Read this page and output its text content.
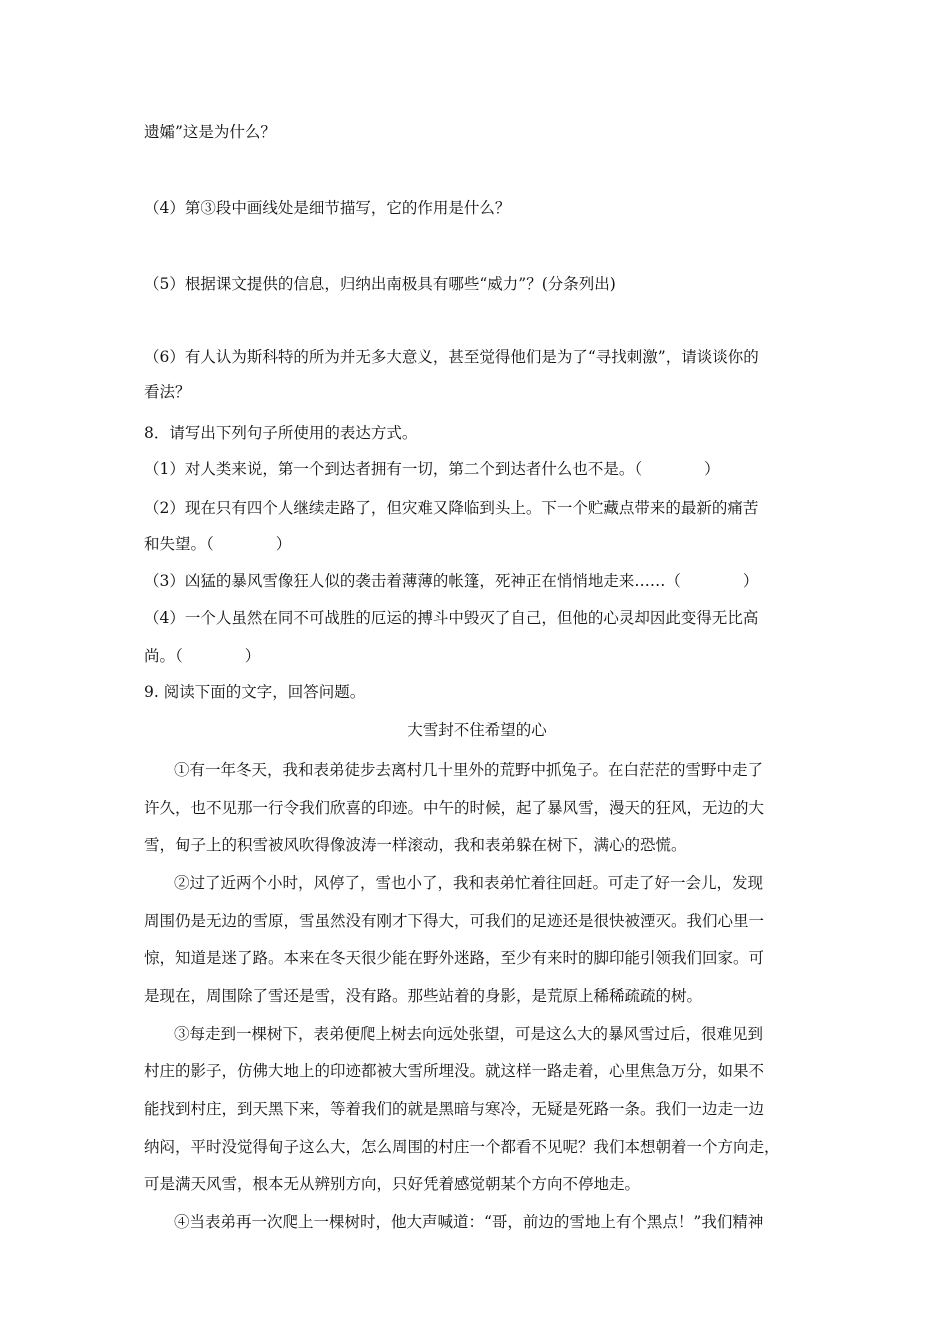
遗孀”这是为什么？
（4）第③段中画线处是细节描写，它的作用是什么？
（5）根据课文提供的信息，归纳出南极具有哪些“威力”？(分条列出)
（6）有人认为斯科特的所为并无多大意义，甚至觉得他们是为了“寻找刺激”，请谈谈你的
看法？
8．请写出下列句子所使用的表达方式。
（1）对人类来说，第一个到达者拥有一切，第二个到达者什么也不是。（　　　　）
（2）现在只有四个人继续走路了，但灾难又降临到头上。下一个贮藏点带来的最新的痛苦
和失望。（　　　　）
（3）凶猛的暴风雪像狂人似的袭击着薄薄的帐篷，死神正在悄悄地走来……（　　　　）
（4）一个人虽然在同不可战胜的厄运的搏斗中毁灭了自己，但他的心灵却因此变得无比高
尚。（　　　　）
9. 阅读下面的文字，回答问题。
大雪封不住希望的心
①有一年冬天，我和表弟徒步去离村几十里外的荒野中抓兔子。在白茫茫的雪野中走了
许久，也不见那一行令我们欣喜的印迹。中午的时候，起了暴风雪，漫天的狂风，无边的大
雪，甸子上的积雪被风吹得像波涛一样滚动，我和表弟躲在树下，满心的恐慌。
②过了近两个小时，风停了，雪也小了，我和表弟忙着往回赶。可走了好一会儿，发现
周围仍是无边的雪原，雪虽然没有刚才下得大，可我们的足迹还是很快被湮灭。我们心里一
惊，知道是迷了路。本来在冬天很少能在野外迷路，至少有来时的脚印能引领我们回家。可
是现在，周围除了雪还是雪，没有路。那些站着的身影，是荒原上稀稀疏疏的树。
③每走到一棵树下，表弟便爬上树去向远处张望，可是这么大的暴风雪过后，很难见到
村庄的影子，仿佛大地上的印迹都被大雪所埋没。就这样一路走着，心里焦急万分，如果不
能找到村庄，到天黑下来，等着我们的就是黑暗与寒冷，无疑是死路一条。我们一边走一边
纳闷，平时没觉得甸子这么大，怎么周围的村庄一个都看不见呢？我们本想朝着一个方向走，
可是满天风雪，根本无从辨别方向，只好凭着感觉朝某个方向不停地走。
④当表弟再一次爬上一棵树时，他大声喊道：“哥，前边的雪地上有个黑点！”我们精神
